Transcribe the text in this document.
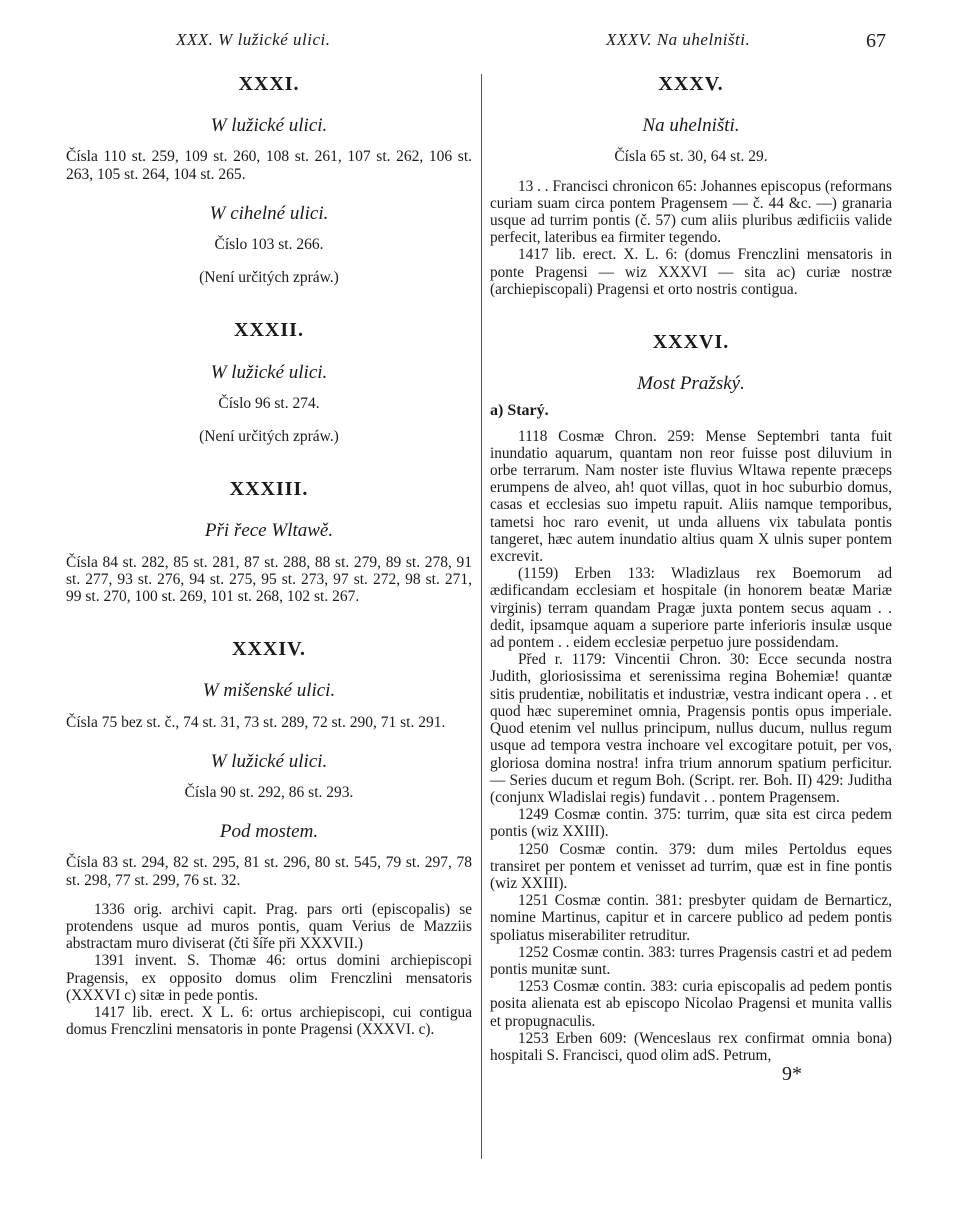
XXX. W lužické ulici.	XXXV. Na uhelništi.	67
XXXI.
W lužické ulici.
Čísla 110 st. 259, 109 st. 260, 108 st. 261, 107 st. 262, 106 st. 263, 105 st. 264, 104 st. 265.
W cihelné ulici.
Číslo 103 st. 266.
(Není určitých zpráw.)
XXXII.
W lužické ulici.
Číslo 96 st. 274.
(Není určitých zpráw.)
XXXIII.
Při řece Wltawě.
Čísla 84 st. 282, 85 st. 281, 87 st. 288, 88 st. 279, 89 st. 278, 91 st. 277, 93 st. 276, 94 st. 275, 95 st. 273, 97 st. 272, 98 st. 271, 99 st. 270, 100 st. 269, 101 st. 268, 102 st. 267.
XXXIV.
W mišenské ulici.
Čísla 75 bez st. č., 74 st. 31, 73 st. 289, 72 st. 290, 71 st. 291.
W lužické ulici.
Čísla 90 st. 292, 86 st. 293.
Pod mostem.
Čísla 83 st. 294, 82 st. 295, 81 st. 296, 80 st. 545, 79 st. 297, 78 st. 298, 77 st. 299, 76 st. 32.

1336 orig. archivi capit. Prag. pars orti (episcopalis) se protendens usque ad muros pontis, quam Verius de Mazziis abstractam muro diviserat (čti šíře při XXXVII.)

1391 invent. S. Thomæ 46: ortus domini archiepiscopi Pragensis, ex opposito domus olim Frenczlini mensatoris (XXXVI c) sitæ in pede pontis.

1417 lib. erect. X L. 6: ortus archiepiscopi, cui contigua domus Frenczlini mensatoris in ponte Pragensi (XXXVI. c).

XXXV.
Na uhelništi.
Čísla 65 st. 30, 64 st. 29.

13 . . Francisci chronicon 65: Johannes episcopus (reformans curiam suam circa pontem Pragensem — č. 44 &c. —) granaria usque ad turrim pontis (č. 57) cum aliis pluribus ædificiis valide perfecit, lateribus ea firmiter tegendo.

1417 lib. erect. X. L. 6: (domus Frenczlini mensatoris in ponte Pragensi — wiz XXXVI — sita ac) curiæ nostræ (archiepiscopali) Pragensi et orto nostris contigua.

XXXVI.
Most Pražský.
a) Starý.

1118 Cosmæ Chron. 259: Mense Septembri tanta fuit inundatio aquarum, quantam non reor fuisse post diluvium in orbe terrarum. Nam noster iste fluvius Wltawa repente præceps erumpens de alveo, ah! quot villas, quot in hoc suburbio domus, casas et ecclesias suo impetu rapuit. Aliis namque temporibus, tametsi hoc raro evenit, ut unda alluens vix tabulata pontis tangeret, hæc autem inundatio altius quam X ulnis super pontem excrevit.

(1159) Erben 133: Wladizlaus rex Boemorum ad ædificandam ecclesiam et hospitale (in honorem beatæ Mariæ virginis) terram quandam Pragæ juxta pontem secus aquam . . dedit, ipsamque aquam a superiore parte inferioris insulæ usque ad pontem . . eidem ecclesiæ perpetuo jure possidendam.

Před r. 1179: Vincentii Chron. 30: Ecce secunda nostra Judith, gloriosissima et serenissima regina Bohemiæ! quantæ sitis prudentiæ, nobilitatis et industriæ, vestra indicant opera . . et quod hæc supereminet omnia, Pragensis pontis opus imperiale. Quod etenim vel nullus principum, nullus ducum, nullus regum usque ad tempora vestra inchoare vel excogitare potuit, per vos, gloriosa domina nostra! infra trium annorum spatium perficitur. — Series ducum et regum Boh. (Script. rer. Boh. II) 429: Juditha (conjunx Wladislai regis) fundavit . . pontem Pragensem.

1249 Cosmæ contin. 375: turrim, quæ sita est circa pedem pontis (wiz XXIII).

1250 Cosmæ contin. 379: dum miles Pertoldus eques transiret per pontem et venisset ad turrim, quæ est in fine pontis (wiz XXIII).

1251 Cosmæ contin. 381: presbyter quidam de Bernarticz, nomine Martinus, capitur et in carcere publico ad pedem pontis spoliatus miserabiliter retruditur.

1252 Cosmæ contin. 383: turres Pragensis castri et ad pedem pontis munitæ sunt.

1253 Cosmæ contin. 383: curia episcopalis ad pedem pontis posita alienata est ab episcopo Nicolao Pragensi et munita vallis et propugnaculis.

1253 Erben 609: (Wenceslaus rex confirmat omnia bona) hospitali S. Francisci, quod olim adS. Petrum,

9*
